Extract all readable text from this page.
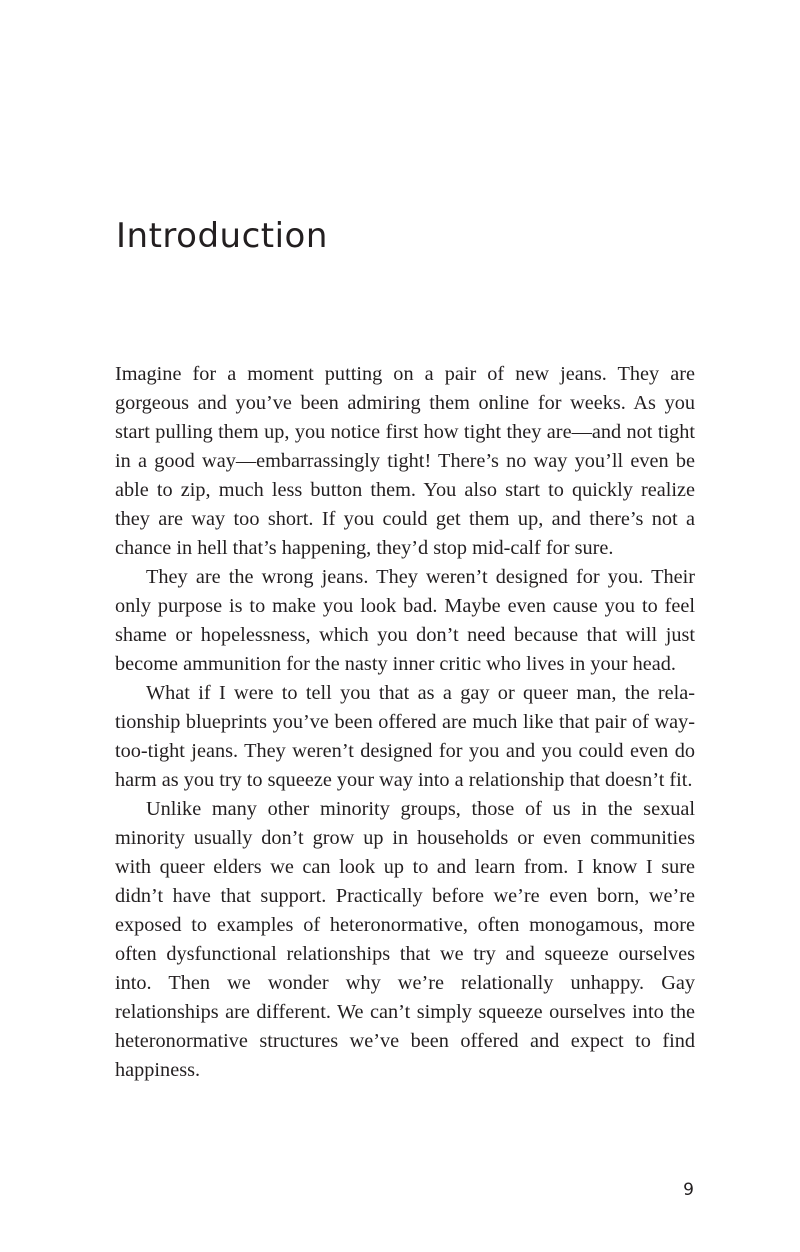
Introduction

Imagine for a moment putting on a pair of new jeans. They are gorgeous and you’ve been admiring them online for weeks. As you start pulling them up, you notice first how tight they are—and not tight in a good way—embarrassingly tight! There’s no way you’ll even be able to zip, much less button them. You also start to quickly realize they are way too short. If you could get them up, and there’s not a chance in hell that’s happening, they’d stop mid-calf for sure.

They are the wrong jeans. They weren’t designed for you. Their only purpose is to make you look bad. Maybe even cause you to feel shame or hopelessness, which you don’t need because that will just become ammunition for the nasty inner critic who lives in your head.

What if I were to tell you that as a gay or queer man, the relationship blueprints you’ve been offered are much like that pair of way-too-tight jeans. They weren’t designed for you and you could even do harm as you try to squeeze your way into a relationship that doesn’t fit.

Unlike many other minority groups, those of us in the sexual minority usually don’t grow up in households or even communities with queer elders we can look up to and learn from. I know I sure didn’t have that support. Practically before we’re even born, we’re exposed to examples of heteronormative, often monogamous, more often dysfunctional relationships that we try and squeeze ourselves into. Then we wonder why we’re relationally unhappy. Gay relationships are different. We can’t simply squeeze ourselves into the heteronormative structures we’ve been offered and expect to find happiness.

9
